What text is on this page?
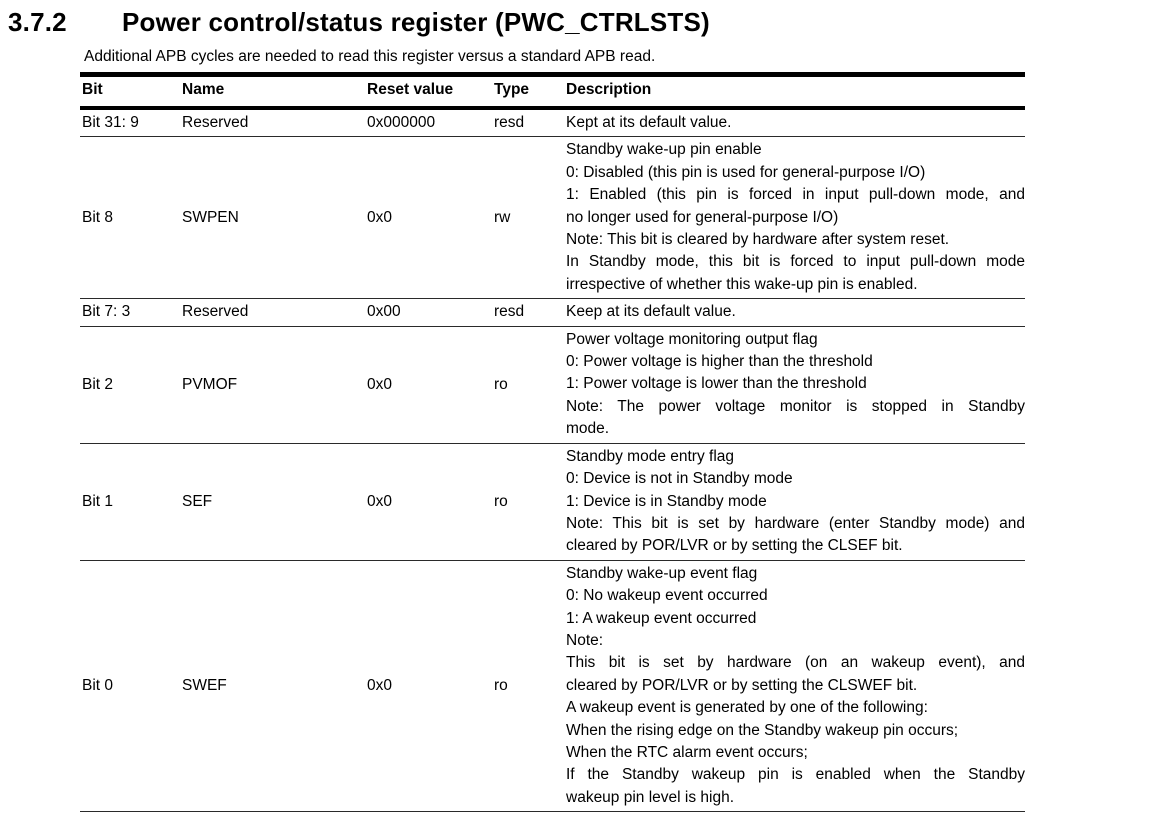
3.7.2	Power control/status register (PWC_CTRLSTS)
Additional APB cycles are needed to read this register versus a standard APB read.
Bit	Name	Reset value	Type	Description
Bit 31: 9	Reserved	0x000000	resd	Kept at its default value.

Bit 8	SWPEN	0x0	rw	
Standby wake-up pin enable
0: Disabled (this pin is used for general-purpose I/O)
1: Enabled (this pin is forced in input pull-down mode, and
no longer used for general-purpose I/O)
Note: This bit is cleared by hardware after system reset.
In Standby mode, this bit is forced to input pull-down mode
irrespective of whether this wake-up pin is enabled.

Bit 7: 3	Reserved	0x00	resd	Keep at its default value.

Bit 2	PVMOF	0x0	ro	Power voltage monitoring output flag
0: Power voltage is higher than the threshold
1: Power voltage is lower than the threshold
Note: The power voltage monitor is stopped in Standby
mode.

Bit 1	SEF	0x0	ro	Standby mode entry flag
0: Device is not in Standby mode
1: Device is in Standby mode
Note: This bit is set by hardware (enter Standby mode) and
cleared by POR/LVR or by setting the CLSEF bit.

Bit 0	SWEF	0x0	ro	
Standby wake-up event flag
0: No wakeup event occurred
1: A wakeup event occurred
Note:
This bit is set by hardware (on an wakeup event), and
cleared by POR/LVR or by setting the CLSWEF bit.
A wakeup event is generated by one of the following:
When the rising edge on the Standby wakeup pin occurs;
When the RTC alarm event occurs;
If the Standby wakeup pin is enabled when the Standby
wakeup pin level is high.
